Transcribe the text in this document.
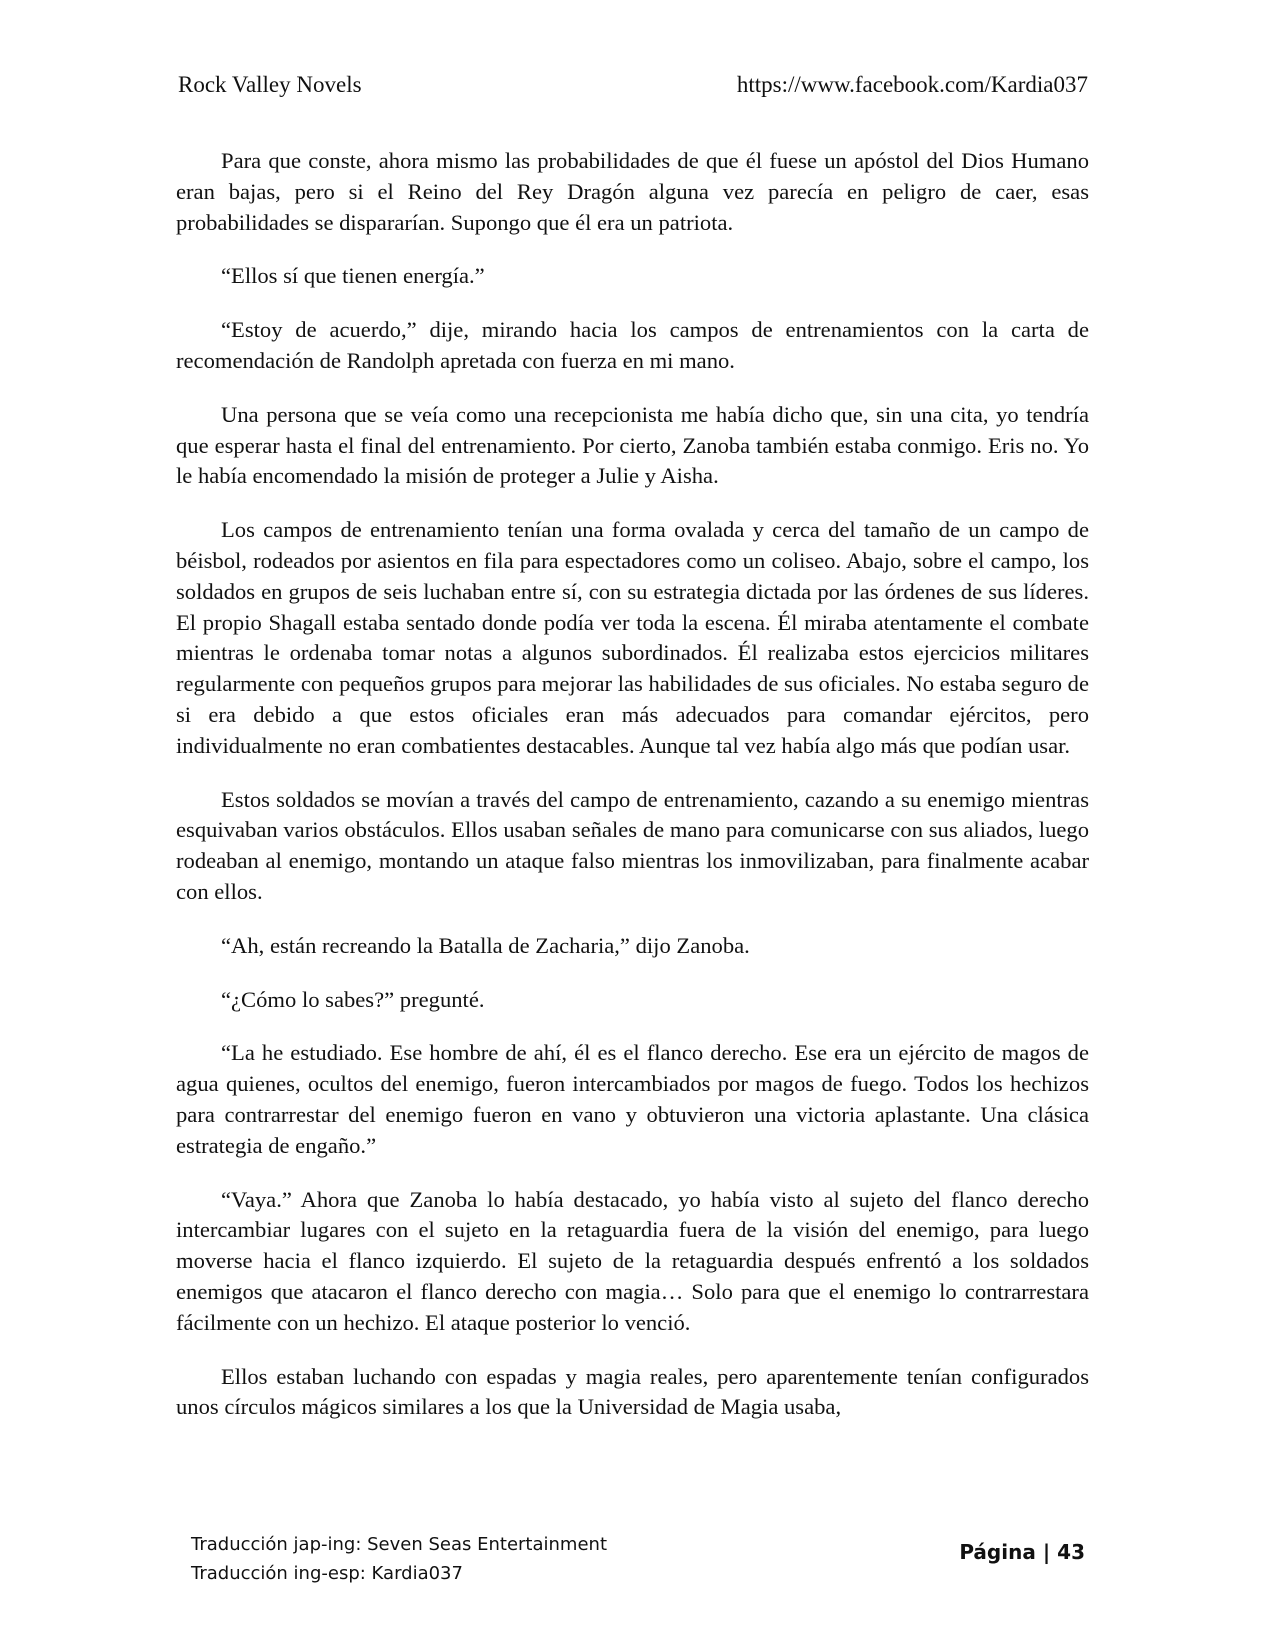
Rock Valley Novels	https://www.facebook.com/Kardia037

Para que conste, ahora mismo las probabilidades de que él fuese un apóstol del Dios Humano eran bajas, pero si el Reino del Rey Dragón alguna vez parecía en peligro de caer, esas probabilidades se dispararían. Supongo que él era un patriota.

“Ellos sí que tienen energía.”

“Estoy de acuerdo,” dije, mirando hacia los campos de entrenamientos con la carta de recomendación de Randolph apretada con fuerza en mi mano.

Una persona que se veía como una recepcionista me había dicho que, sin una cita, yo tendría que esperar hasta el final del entrenamiento. Por cierto, Zanoba también estaba conmigo. Eris no. Yo le había encomendado la misión de proteger a Julie y Aisha.

Los campos de entrenamiento tenían una forma ovalada y cerca del tamaño de un campo de béisbol, rodeados por asientos en fila para espectadores como un coliseo. Abajo, sobre el campo, los soldados en grupos de seis luchaban entre sí, con su estrategia dictada por las órdenes de sus líderes. El propio Shagall estaba sentado donde podía ver toda la escena. Él miraba atentamente el combate mientras le ordenaba tomar notas a algunos subordinados. Él realizaba estos ejercicios militares regularmente con pequeños grupos para mejorar las habilidades de sus oficiales. No estaba seguro de si era debido a que estos oficiales eran más adecuados para comandar ejércitos, pero individualmente no eran combatientes destacables. Aunque tal vez había algo más que podían usar.

Estos soldados se movían a través del campo de entrenamiento, cazando a su enemigo mientras esquivaban varios obstáculos. Ellos usaban señales de mano para comunicarse con sus aliados, luego rodeaban al enemigo, montando un ataque falso mientras los inmovilizaban, para finalmente acabar con ellos.

“Ah, están recreando la Batalla de Zacharia,” dijo Zanoba.

“¿Cómo lo sabes?” pregunté.

“La he estudiado. Ese hombre de ahí, él es el flanco derecho. Ese era un ejército de magos de agua quienes, ocultos del enemigo, fueron intercambiados por magos de fuego. Todos los hechizos para contrarrestar del enemigo fueron en vano y obtuvieron una victoria aplastante. Una clásica estrategia de engaño.”

“Vaya.” Ahora que Zanoba lo había destacado, yo había visto al sujeto del flanco derecho intercambiar lugares con el sujeto en la retaguardia fuera de la visión del enemigo, para luego moverse hacia el flanco izquierdo. El sujeto de la retaguardia después enfrentó a los soldados enemigos que atacaron el flanco derecho con magia… Solo para que el enemigo lo contrarrestara fácilmente con un hechizo. El ataque posterior lo venció.

Ellos estaban luchando con espadas y magia reales, pero aparentemente tenían configurados unos círculos mágicos similares a los que la Universidad de Magia usaba,

Traducción jap-ing: Seven Seas Entertainment
Traducción ing-esp: Kardia037
Página | 43
